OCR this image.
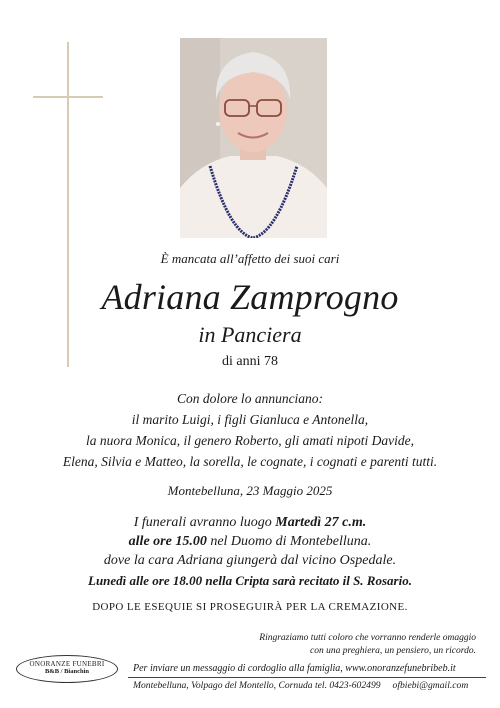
È mancata all’affetto dei suoi cari
Adriana Zamprogno
in Panciera
di anni 78
Con dolore lo annunciano:
il marito Luigi, i figli Gianluca e Antonella,
la nuora Monica, il genero Roberto, gli amati nipoti Davide,
Elena, Silvia e Matteo, la sorella, le cognate, i cognati e parenti tutti.
Montebelluna, 23 Maggio 2025
I funerali avranno luogo Martedì 27 c.m.
alle ore 15.00 nel Duomo di Montebelluna.
dove la cara Adriana giungerà dal vicino Ospedale.
Lunedì alle ore 18.00 nella Cripta sarà recitato il S. Rosario.
DOPO LE ESEQUIE SI PROSEGUIRÀ PER LA CREMAZIONE.
Ringraziamo tutti coloro che vorranno renderle omaggio
con una preghiera, un pensiero, un ricordo.
ONORANZE FUNEBRI
B&B / Bianchin	Per inviare un messaggio di cordoglio alla famiglia, www.onoranzefunebribeb.it
Montebelluna, Volpago del Montello, Cornuda tel. 0423-602499     ofbiebi@gmail.com
